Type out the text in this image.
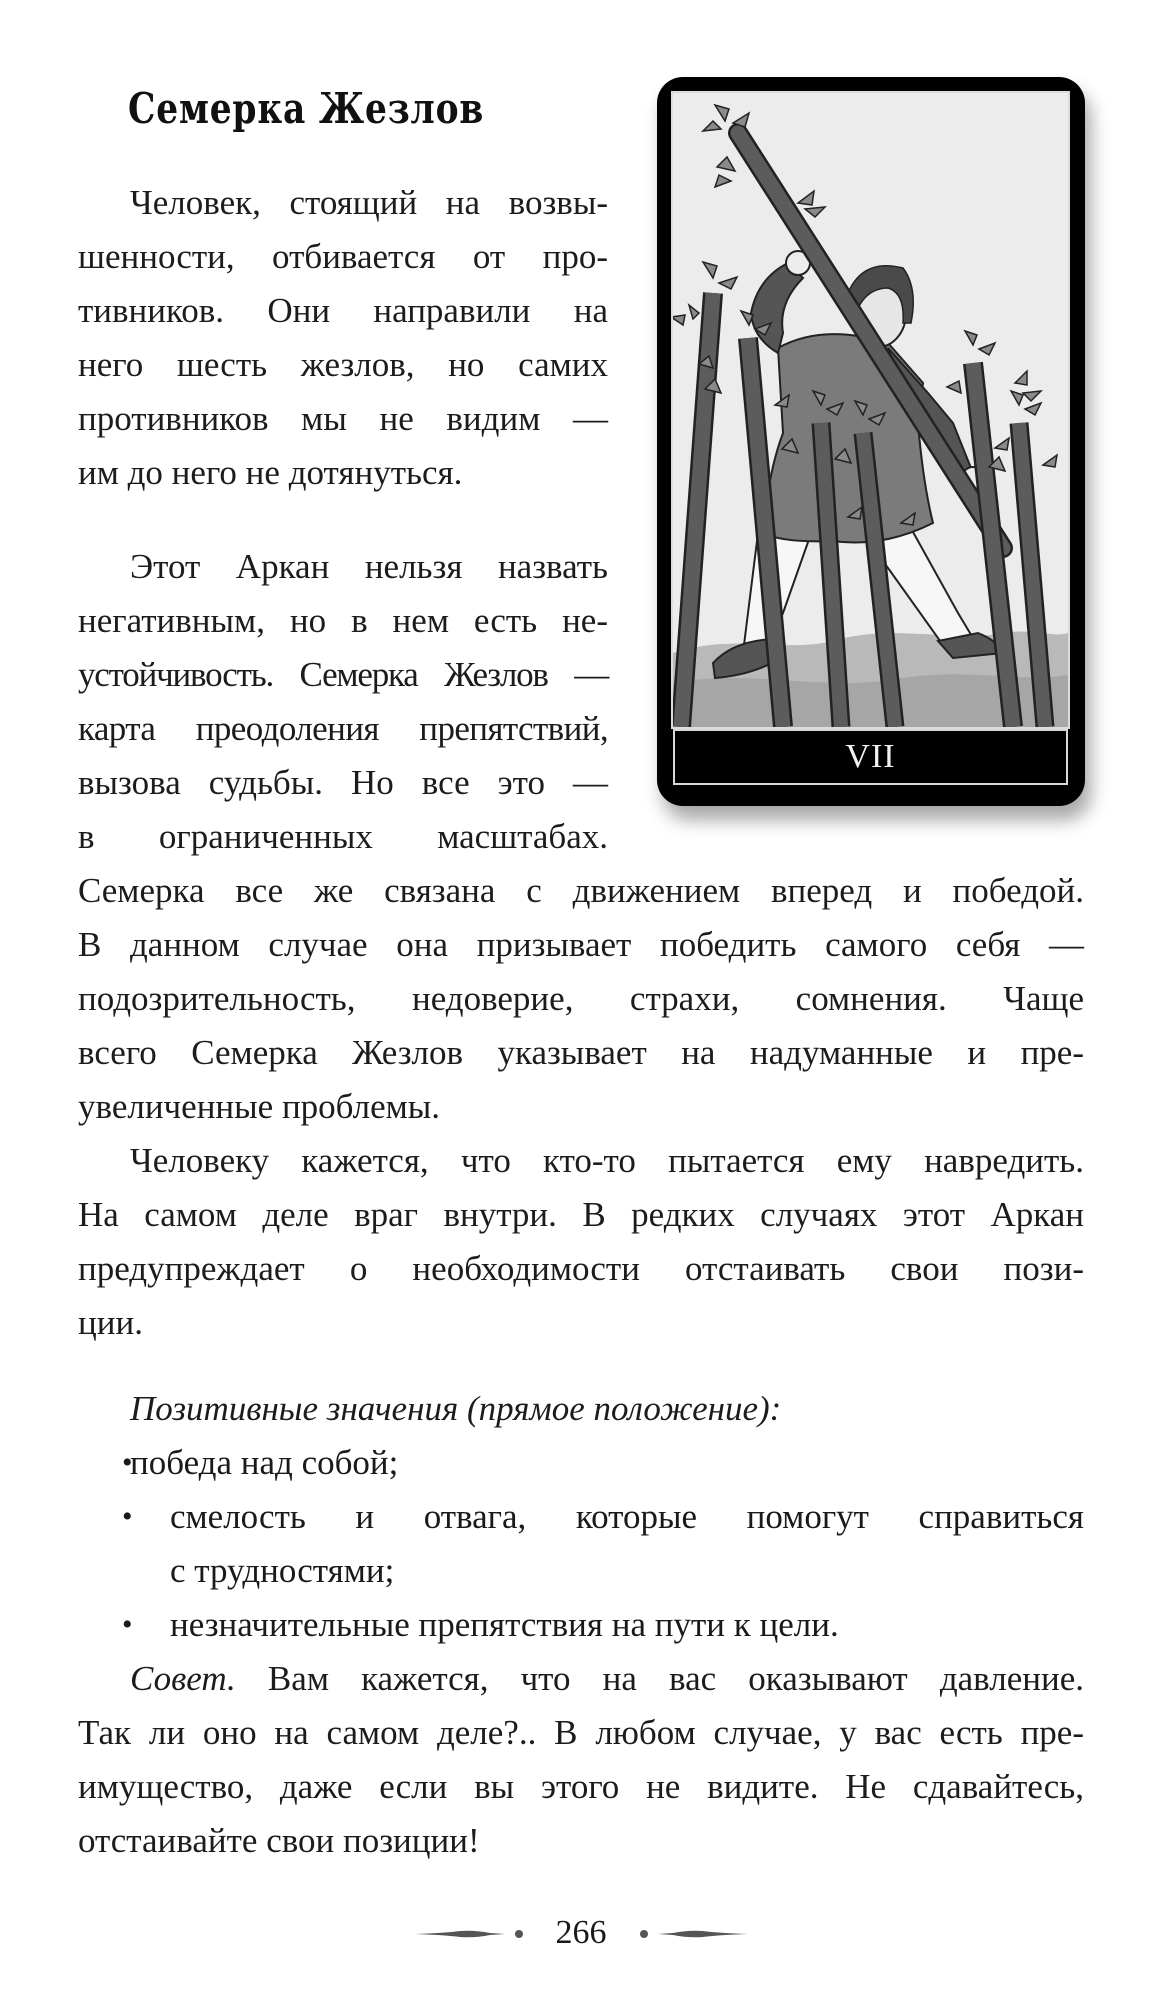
Семерка Жезлов
Человек, стоящий на возвы-
шенности, отбивается от про-
тивников. Они направили на
него шесть жезлов, но самих
противников мы не видим —
им до него не дотянуться.
Этот Аркан нельзя назвать
негативным, но в нем есть не-
устойчивость. Семерка Жезлов —
карта преодоления препятствий,
вызова судьбы. Но все это —
в ограниченных масштабах.
Семерка все же связана с движением вперед и победой.
В данном случае она призывает победить самого себя —
подозрительность, недоверие, страхи, сомнения. Чаще
всего Семерка Жезлов указывает на надуманные и пре-
увеличенные проблемы.
Человеку кажется, что кто-то пытается ему навредить.
На самом деле враг внутри. В редких случаях этот Аркан
предупреждает о необходимости отстаивать свои пози-
ции.
Позитивные значения (прямое положение):
•
победа над собой;
•	смелость и отвага, которые помогут справиться
с трудностями;
•	незначительные препятствия на пути к цели.
Совет. Вам кажется, что на вас оказывают давление.
Так ли оно на самом деле?.. В любом случае, у вас есть пре-
имущество, даже если вы этого не видите. Не сдавайтесь,
отстаивайте свои позиции!
VII
266
